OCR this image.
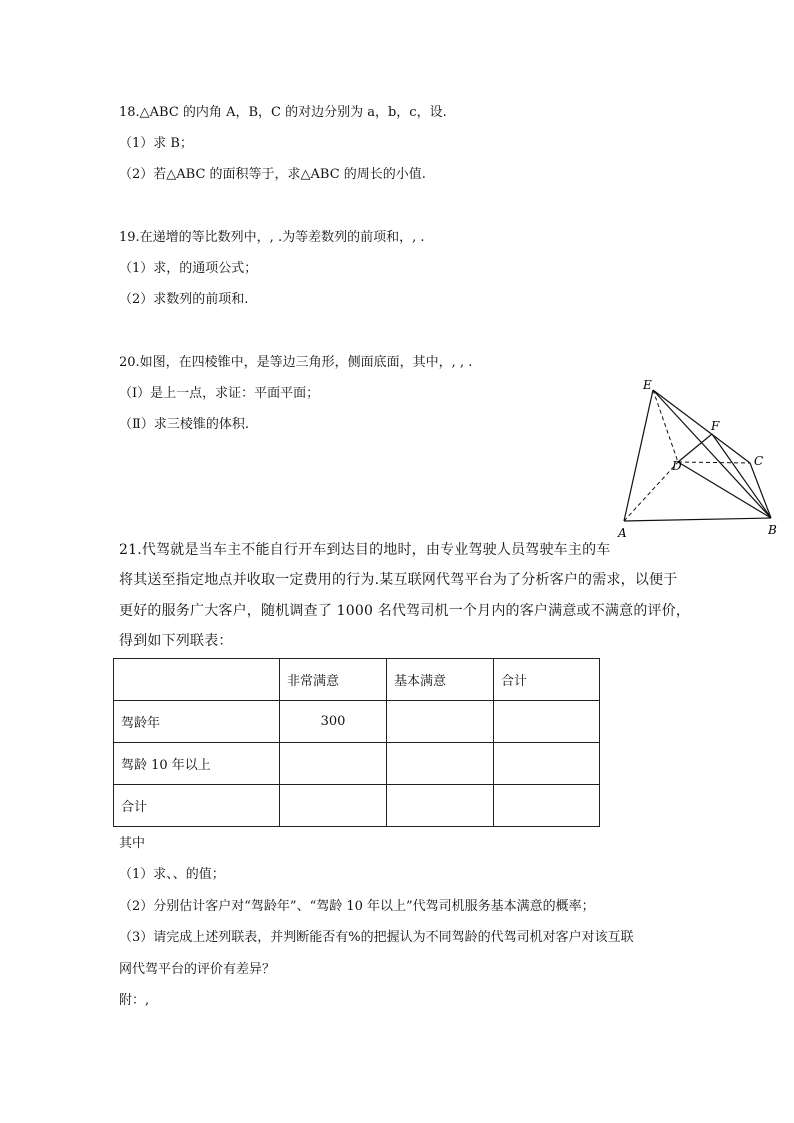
18.△ABC 的内角 A，B，C 的对边分别为 a，b，c，设.
（1）求 B；
（2）若△ABC 的面积等于，求△ABC 的周长的小值.
19.在递增的等比数列中，, .为等差数列的前项和，, .
（1）求，的通项公式；
（2）求数列的前项和.
20.如图，在四棱锥中，是等边三角形，侧面底面，其中，, , .
（Ⅰ）是上一点，求证：平面平面；
（Ⅱ）求三棱锥的体积.
E
F
C
D
A	B
21.代驾就是当车主不能自行开车到达目的地时，由专业驾驶人员驾驶车主的车
将其送至指定地点并收取一定费用的行为.某互联网代驾平台为了分析客户的需求，以便于
更好的服务广大客户，随机调查了 1000 名代驾司机一个月内的客户满意或不满意的评价，
得到如下列联表：
	非常满意	基本满意	合计
驾龄年	300		
驾龄 10 年以上			
合计			
其中
（1）求、、的值；
（2）分别估计客户对“驾龄年”、“驾龄 10 年以上”代驾司机服务基本满意的概率；
（3）请完成上述列联表，并判断能否有%的把握认为不同驾龄的代驾司机对客户对该互联
网代驾平台的评价有差异？
附：,
